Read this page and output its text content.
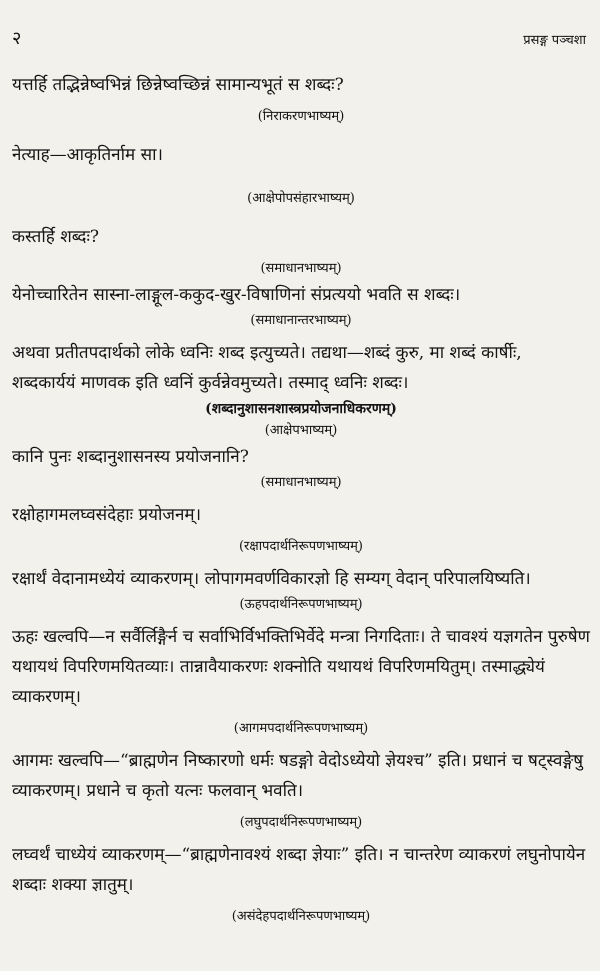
२	प्रसङ्ग पञ्चशा

यत्तर्हि तद्भिन्नेष्वभिन्नं छिन्नेष्वच्छिन्नं सामान्यभूतं स शब्दः?

(निराकरणभाष्यम्)

नेत्याह—आकृतिर्नाम सा।

(आक्षेपोपसंहारभाष्यम्)

कस्तर्हि शब्दः?

(समाधानभाष्यम्)

येनोच्चारितेन सास्ना-लाङ्गूल-ककुद-खुर-विषाणिनां संप्रत्ययो भवति स शब्दः।

(समाधानान्तरभाष्यम्)

अथवा प्रतीतपदार्थको लोके ध्वनिः शब्द इत्युच्यते। तद्यथा—शब्दं कुरु, मा शब्दं कार्षीः, शब्दकार्ययं माणवक इति ध्वनिं कुर्वन्नेवमुच्यते। तस्माद् ध्वनिः शब्दः।

(शब्दानुशासनशास्त्रप्रयोजनाधिकरणम्)
(आक्षेपभाष्यम्)

कानि पुनः शब्दानुशासनस्य प्रयोजनानि?

(समाधानभाष्यम्)

रक्षोहागमलघ्वसंदेहाः प्रयोजनम्।

(रक्षापदार्थनिरूपणभाष्यम्)

रक्षार्थं वेदानामध्येयं व्याकरणम्। लोपागमवर्णविकारज्ञो हि सम्यग् वेदान् परिपालयिष्यति।

(ऊहपदार्थनिरूपणभाष्यम्)

ऊहः खल्वपि—न सर्वैर्लिङ्गैर्न च सर्वाभिर्विभक्तिभिर्वेदे मन्त्रा निगदिताः। ते चावश्यं यज्ञगतेन पुरुषेण यथायथं विपरिणमयितव्याः। तान्नावैयाकरणः शक्नोति यथायथं विपरिणमयितुम्। तस्माद्ध्येयं व्याकरणम्।

(आगमपदार्थनिरूपणभाष्यम्)

आगमः खल्वपि—“ब्राह्मणेन निष्कारणो धर्मः षडङ्गो वेदोऽध्येयो ज्ञेयश्च” इति। प्रधानं च षट्स्वङ्गेषु व्याकरणम्। प्रधाने च कृतो यत्नः फलवान् भवति।

(लघुपदार्थनिरूपणभाष्यम्)

लघ्वर्थं चाध्येयं व्याकरणम्—“ब्राह्मणेनावश्यं शब्दा ज्ञेयाः” इति। न चान्तरेण व्याकरणं लघुनोपायेन शब्दाः शक्या ज्ञातुम्।

(असंदेहपदार्थनिरूपणभाष्यम्)
